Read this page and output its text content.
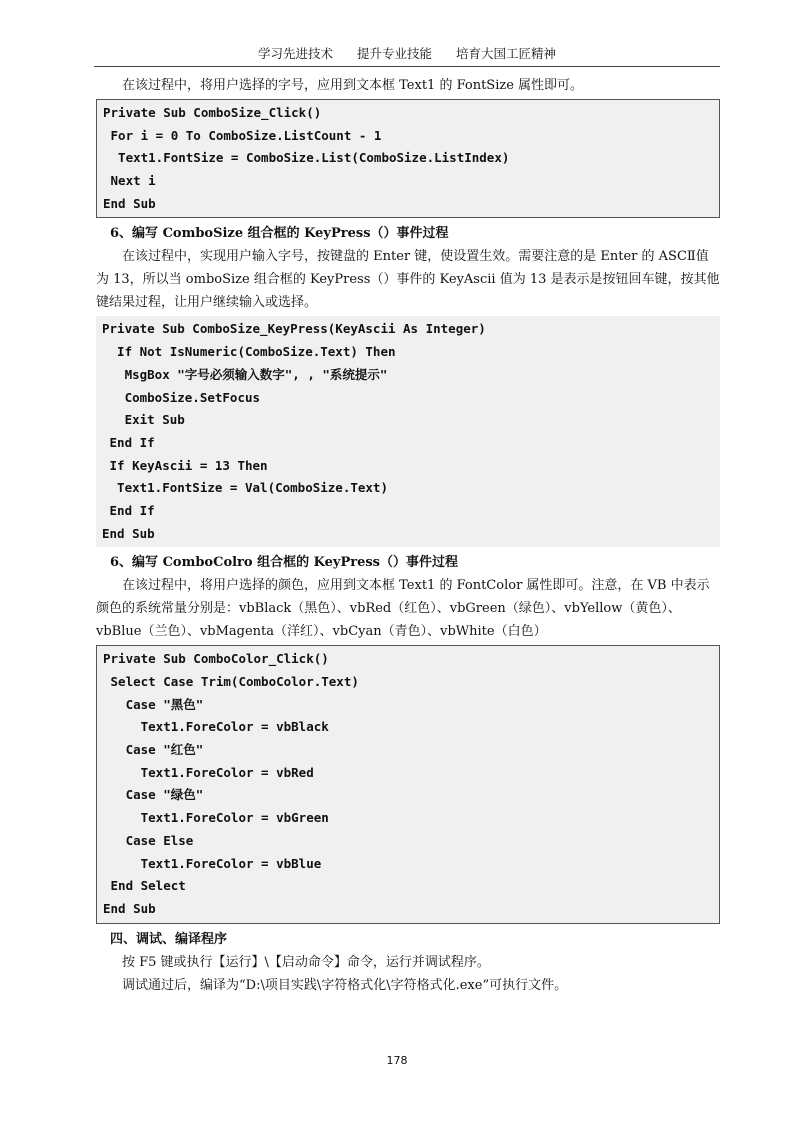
学习先进技术 提升专业技能 培育大国工匠精神

在该过程中，将用户选择的字号，应用到文本框 Text1 的 FontSize 属性即可。

Private Sub ComboSize_Click()
For i = 0 To ComboSize.ListCount - 1
Text1.FontSize = ComboSize.List(ComboSize.ListIndex)
Next i
End Sub
6、编写 ComboSize 组合框的 KeyPress（）事件过程

在该过程中，实现用户输入字号，按键盘的 Enter 键，使设置生效。需要注意的是 Enter 的 ASCⅡ值为 13，所以当 omboSize 组合框的 KeyPress（）事件的 KeyAscii 值为 13 是表示是按钮回车键，按其他键结果过程，让用户继续输入或选择。

Private Sub ComboSize_KeyPress(KeyAscii As Integer)
If Not IsNumeric(ComboSize.Text) Then
MsgBox "字号必须输入数字", , "系统提示"
ComboSize.SetFocus
Exit Sub
End If
If KeyAscii = 13 Then
Text1.FontSize = Val(ComboSize.Text)
End If
End Sub
6、编写 ComboColro 组合框的 KeyPress（）事件过程

在该过程中，将用户选择的颜色，应用到文本框 Text1 的 FontColor 属性即可。注意，在 VB 中表示颜色的系统常量分别是：vbBlack（黑色）、vbRed（红色）、vbGreen（绿色）、vbYellow（黄色）、vbBlue（兰色）、vbMagenta（洋红）、vbCyan（青色）、vbWhite（白色）

Private Sub ComboColor_Click()
Select Case Trim(ComboColor.Text)
Case "黑色"
Text1.ForeColor = vbBlack
Case "红色"
Text1.ForeColor = vbRed
Case "绿色"
Text1.ForeColor = vbGreen
Case Else
Text1.ForeColor = vbBlue
End Select
End Sub
四、调试、编译程序

按 F5 键或执行【运行】\【启动命令】命令，运行并调试程序。

调试通过后，编译为“D:\项目实践\字符格式化\字符格式化.exe”可执行文件。

178
